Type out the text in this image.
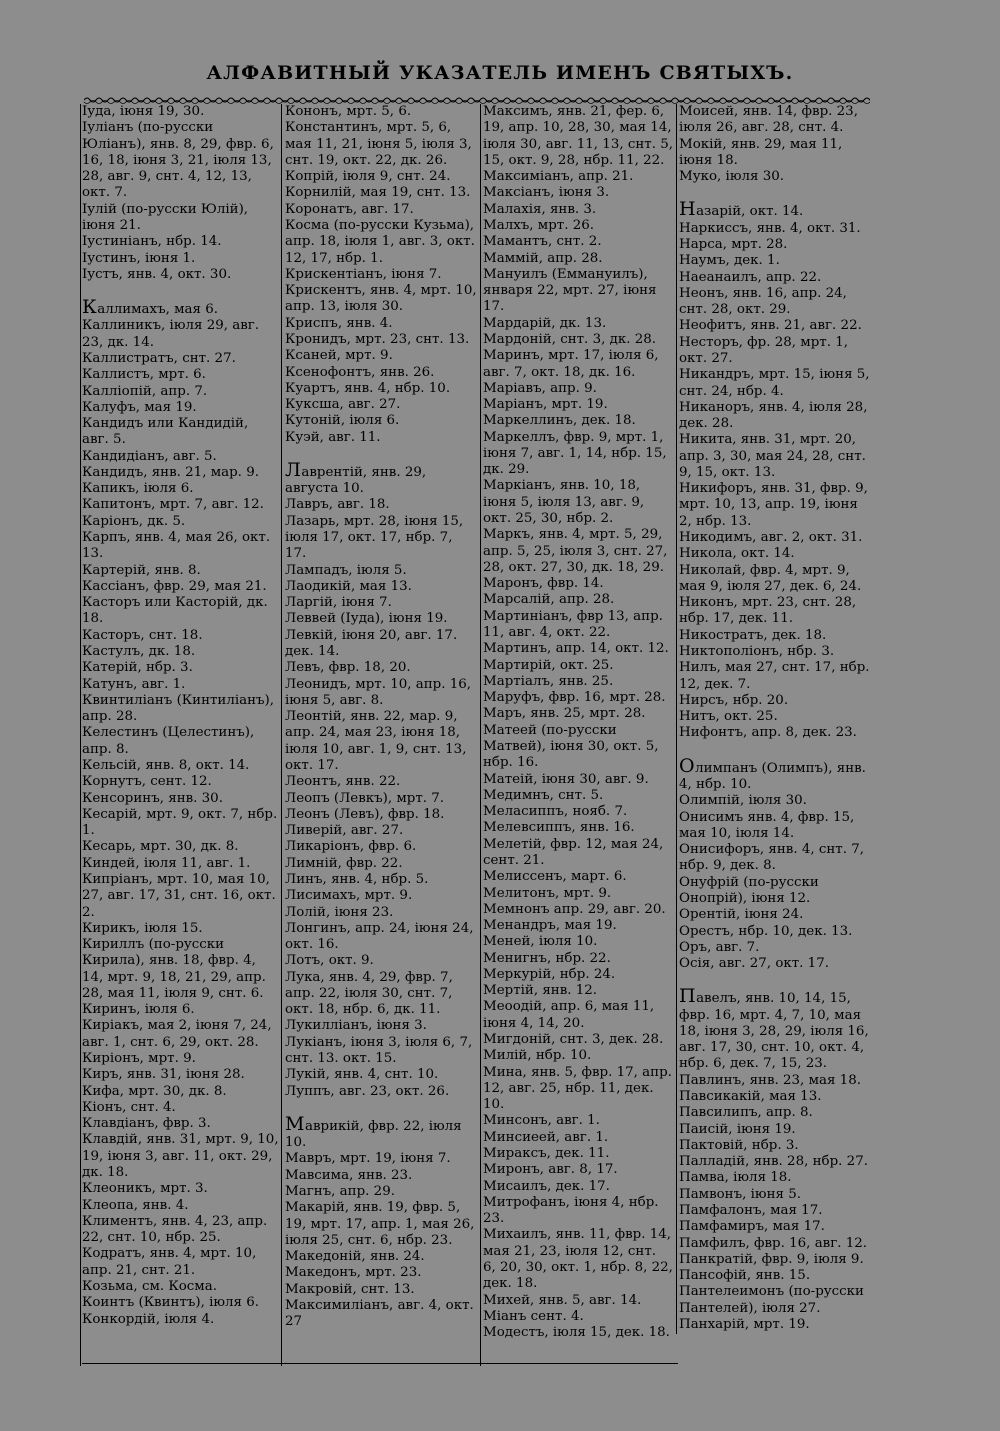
АЛФАВИТНЫЙ УКАЗАТЕЛЬ ИМЕНЪ СВЯТЫХЪ.

Іуда, іюня 19, 30.

Іуліанъ (по-русски Юліанъ), янв. 8, 29, фвр. 6, 16, 18, іюня 3, 21, іюля 13, 28, авг. 9, снт. 4, 12, 13, окт. 7.

Іулій (по-русски Юлій), іюня 21.

Іустиніанъ, нбр. 14.

Іустинъ, іюня 1.

Іустъ, янв. 4, окт. 30.

Каллимахъ, мая 6.

Каллиникъ, іюля 29, авг. 23, дк. 14.

Каллистратъ, снт. 27.

Каллистъ, мрт. 6.

Калліопій, апр. 7.

Калуфъ, мая 19.

Кандидъ или Кандидій, авг. 5.

Кандидіанъ, авг. 5.

Кандидъ, янв. 21, мар. 9.

Капикъ, іюля 6.

Капитонъ, мрт. 7, авг. 12.

Каріонъ, дк. 5.

Карпъ, янв. 4, мая 26, окт. 13.

Картерій, янв. 8.

Кассіанъ, фвр. 29, мая 21.

Касторъ или Касторій, дк. 18.

Касторъ, снт. 18.

Кастулъ, дк. 18.

Катерій, нбр. 3.

Катунъ, авг. 1.

Квинтиліанъ (Кинтиліанъ), апр. 28.

Келестинъ (Целестинъ), апр. 8.

Кельсій, янв. 8, окт. 14.

Корнутъ, сент. 12.

Кенсоринъ, янв. 30.

Кесарій, мрт. 9, окт. 7, нбр. 1.

Кесарь, мрт. 30, дк. 8.

Киндей, іюля 11, авг. 1.

Кипріанъ, мрт. 10, мая 10, 27, авг. 17, 31, снт. 16, окт. 2.

Кирикъ, іюля 15.

Кириллъ (по-русски Кирила), янв. 18, фвр. 4, 14, мрт. 9, 18, 21, 29, апр. 28, мая 11, іюля 9, снт. 6.

Киринъ, іюля 6.

Киріакъ, мая 2, іюня 7, 24, авг. 1, снт. 6, 29, окт. 28.

Киріонъ, мрт. 9.

Киръ, янв. 31, іюня 28.

Кифа, мрт. 30, дк. 8.

Кіонъ, снт. 4.

Клавдіанъ, фвр. 3.

Клавдій, янв. 31, мрт. 9, 10, 19, іюня 3, авг. 11, окт. 29, дк. 18.

Клеоникъ, мрт. 3.

Клеопа, янв. 4.

Климентъ, янв. 4, 23, апр. 22, снт. 10, нбр. 25.

Кодратъ, янв. 4, мрт. 10, апр. 21, снт. 21.

Козьма, см. Косма.

Коинтъ (Квинтъ), іюля 6.

Конкордій, іюля 4.

Кононъ, мрт. 5, 6.

Константинъ, мрт. 5, 6, мая 11, 21, іюня 5, іюля 3, снт. 19, окт. 22, дк. 26.

Копрій, іюля 9, снт. 24.

Корнилій, мая 19, снт. 13.

Коронатъ, авг. 17.

Косма (по-русски Кузьма), апр. 18, іюля 1, авг. 3, окт. 12, 17, нбр. 1.

Крискентіанъ, іюня 7.

Крискентъ, янв. 4, мрт. 10, апр. 13, іюля 30.

Криспъ, янв. 4.

Кронидъ, мрт. 23, снт. 13.

Ксаней, мрт. 9.

Ксенофонтъ, янв. 26.

Куартъ, янв. 4, нбр. 10.

Куксша, авг. 27.

Кутоній, іюля 6.

Куэй, авг. 11.

Лаврентій, янв. 29, августа 10.

Лавръ, авг. 18.

Лазарь, мрт. 28, іюня 15, іюля 17, окт. 17, нбр. 7, 17.

Лампадъ, іюля 5.

Лаодикій, мая 13.

Ларгій, іюня 7.

Леввей (Іуда), іюня 19.

Левкій, іюня 20, авг. 17. дек. 14.

Левъ, фвр. 18, 20.

Леонидъ, мрт. 10, апр. 16, іюня 5, авг. 8.

Леонтій, янв. 22, мар. 9, апр. 24, мая 23, іюня 18, іюля 10, авг. 1, 9, снт. 13, окт. 17.

Леонтъ, янв. 22.

Леопъ (Левкъ), мрт. 7.

Леонъ (Левъ), фвр. 18.

Ливерій, авг. 27.

Ликаріонъ, фвр. 6.

Лимній, фвр. 22.

Линъ, янв. 4, нбр. 5.

Лисимахъ, мрт. 9.

Лолій, іюня 23.

Лонгинъ, апр. 24, іюня 24, окт. 16.

Лотъ, окт. 9.

Лука, янв. 4, 29, фвр. 7, апр. 22, іюля 30, снт. 7, окт. 18, нбр. 6, дк. 11.

Лукилліанъ, іюня 3.

Лукіанъ, іюня 3, іюля 6, 7, снт. 13. окт. 15.

Лукій, янв. 4, снт. 10.

Луппъ, авг. 23, окт. 26.

Маврикій, фвр. 22, іюля 10.

Мавръ, мрт. 19, іюня 7.

Мавсима, янв. 23.

Магнъ, апр. 29.

Макарій, янв. 19, фвр. 5, 19, мрт. 17, апр. 1, мая 26, іюля 25, снт. 6, нбр. 23.

Македоній, янв. 24.

Македонъ, мрт. 23.

Макровій, снт. 13.

Максимиліанъ, авг. 4, окт. 27

Максимъ, янв. 21, фер. 6, 19, апр. 10, 28, 30, мая 14, іюля 30, авг. 11, 13, снт. 5, 15, окт. 9, 28, нбр. 11, 22.

Максиміанъ, апр. 21.

Максіанъ, іюня 3.

Малахія, янв. 3.

Малхъ, мрт. 26.

Мамантъ, снт. 2.

Маммій, апр. 28.

Мануилъ (Еммануилъ), января 22, мрт. 27, іюня 17.

Мардарій, дк. 13.

Мардоній, снт. 3, дк. 28.

Маринъ, мрт. 17, іюля 6, авг. 7, окт. 18, дк. 16.

Маріавъ, апр. 9.

Маріанъ, мрт. 19.

Маркеллинъ, дек. 18.

Маркеллъ, фвр. 9, мрт. 1, іюня 7, авг. 1, 14, нбр. 15, дк. 29.

Маркіанъ, янв. 10, 18, іюня 5, іюля 13, авг. 9, окт. 25, 30, нбр. 2.

Маркъ, янв. 4, мрт. 5, 29, апр. 5, 25, іюля 3, снт. 27, 28, окт. 27, 30, дк. 18, 29.

Маронъ, фвр. 14.

Марсалій, апр. 28.

Мартиніанъ, фвр 13, апр. 11, авг. 4, окт. 22.

Мартинъ, апр. 14, окт. 12.

Мартирій, окт. 25.

Мартіалъ, янв. 25.

Маруфъ, фвр. 16, мрт. 28.

Маръ, янв. 25, мрт. 28.

Матеей (по-русски Матвей), іюня 30, окт. 5, нбр. 16.

Матеій, іюня 30, авг. 9.

Медимнъ, снт. 5.

Меласиппъ, нояб. 7.

Мелевсиппъ, янв. 16.

Мелетій, фвр. 12, мая 24, сент. 21.

Мелиссенъ, март. 6.

Мелитонъ, мрт. 9.

Мемнонъ апр. 29, авг. 20.

Менандръ, мая 19.

Меней, іюля 10.

Менигнъ, нбр. 22.

Меркурій, нбр. 24.

Мертій, янв. 12.

Меоодій, апр. 6, мая 11, іюня 4, 14, 20.

Мигдоній, снт. 3, дек. 28.

Милій, нбр. 10.

Мина, янв. 5, фвр. 17, апр. 12, авг. 25, нбр. 11, дек. 10.

Минсонъ, авг. 1.

Минсиеей, авг. 1.

Мираксъ, дек. 11.

Миронъ, авг. 8, 17.

Мисаилъ, дек. 17.

Митрофанъ, іюня 4, нбр. 23.

Михаилъ, янв. 11, фвр. 14, мая 21, 23, іюля 12, снт. 6, 20, 30, окт. 1, нбр. 8, 22, дек. 18.

Михей, янв. 5, авг. 14.

Міанъ сент. 4.

Модестъ, іюля 15, дек. 18.

Моисей, янв. 14, фвр. 23, іюля 26, авг. 28, снт. 4.

Мокій, янв. 29, мая 11, іюня 18.

Муко, іюля 30.

Назарій, окт. 14.

Наркиссъ, янв. 4, окт. 31.

Нарса, мрт. 28.

Наумъ, дек. 1.

Наеанаилъ, апр. 22.

Неонъ, янв. 16, апр. 24, снт. 28, окт. 29.

Неофитъ, янв. 21, авг. 22.

Несторъ, фр. 28, мрт. 1, окт. 27.

Никандръ, мрт. 15, іюня 5, снт. 24, нбр. 4.

Никаноръ, янв. 4, іюля 28, дек. 28.

Никита, янв. 31, мрт. 20, апр. 3, 30, мая 24, 28, снт. 9, 15, окт. 13.

Никифоръ, янв. 31, фвр. 9, мрт. 10, 13, апр. 19, іюня 2, нбр. 13.

Никодимъ, авг. 2, окт. 31.

Никола, окт. 14.

Николай, фвр. 4, мрт. 9, мая 9, іюля 27, дек. 6, 24.

Никонъ, мрт. 23, снт. 28, нбр. 17, дек. 11.

Никостратъ, дек. 18.

Никтополіонъ, нбр. 3.

Нилъ, мая 27, снт. 17, нбр. 12, дек. 7.

Нирсъ, нбр. 20.

Нитъ, окт. 25.

Нифонтъ, апр. 8, дек. 23.

Олимпанъ (Олимпъ), янв. 4, нбр. 10.

Олимпій, іюля 30.

Онисимъ янв. 4, фвр. 15, мая 10, іюля 14.

Онисифоръ, янв. 4, снт. 7, нбр. 9, дек. 8.

Онуфрій (по-русски Онопрій), іюня 12.

Орентій, іюня 24.

Орестъ, нбр. 10, дек. 13.

Оръ, авг. 7.

Осія, авг. 27, окт. 17.

Павелъ, янв. 10, 14, 15, фвр. 16, мрт. 4, 7, 10, мая 18, іюня 3, 28, 29, іюля 16, авг. 17, 30, снт. 10, окт. 4, нбр. 6, дек. 7, 15, 23.

Павлинъ, янв. 23, мая 18.

Павсикакій, мая 13.

Павсилипъ, апр. 8.

Паисій, іюня 19.

Пактовій, нбр. 3.

Палладій, янв. 28, нбр. 27.

Памва, іюля 18.

Памвонъ, іюня 5.

Памфалонъ, мая 17.

Памфамиръ, мая 17.

Памфилъ, фвр. 16, авг. 12.

Панкратій, фвр. 9, іюля 9.

Пансофій, янв. 15.

Пантелеимонъ (по-русски Пантелей), іюля 27.

Панхарій, мрт. 19.
